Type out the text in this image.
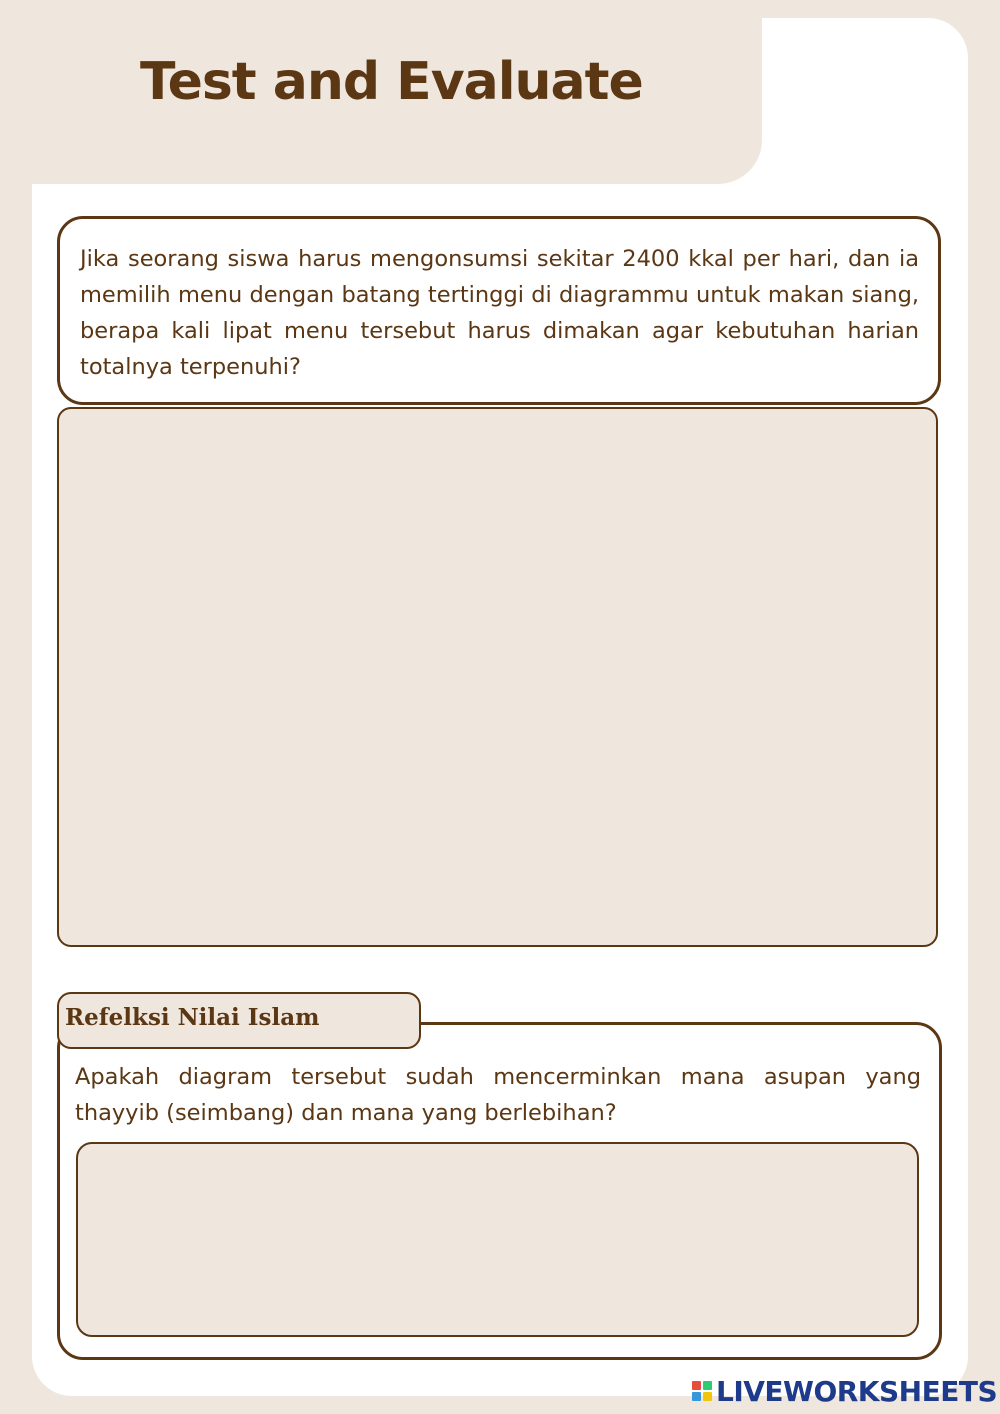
Test and Evaluate

Jika seorang siswa harus mengonsumsi sekitar 2400 kkal per hari, dan ia memilih menu dengan batang tertinggi di diagrammu untuk makan siang, berapa kali lipat menu tersebut harus dimakan agar kebutuhan harian totalnya terpenuhi?

Refelksi Nilai Islam

Apakah diagram tersebut sudah mencerminkan mana asupan yang thayyib (seimbang) dan mana yang berlebihan?

LIVEWORKSHEETS
